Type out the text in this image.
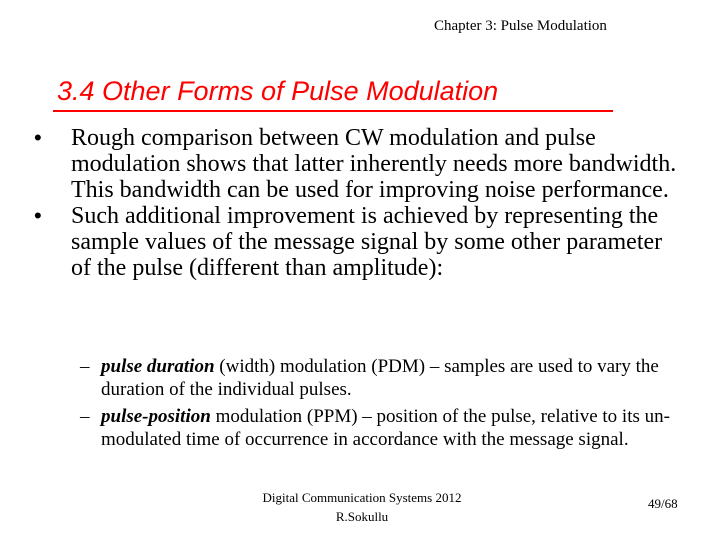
Chapter 3: Pulse Modulation
3.4 Other Forms of Pulse Modulation
• Rough comparison between CW modulation and pulse modulation shows that latter inherently needs more bandwidth. This bandwidth can be used for improving noise performance.
• Such additional improvement is achieved by representing the sample values of the message signal by some other parameter of the pulse (different than amplitude):
– pulse duration (width) modulation (PDM) – samples are used to vary the duration of the individual pulses.
– pulse-position modulation (PPM) – position of the pulse, relative to its un-modulated time of occurrence in accordance with the message signal.
Digital Communication Systems 2012
R.Sokullu
49/68
